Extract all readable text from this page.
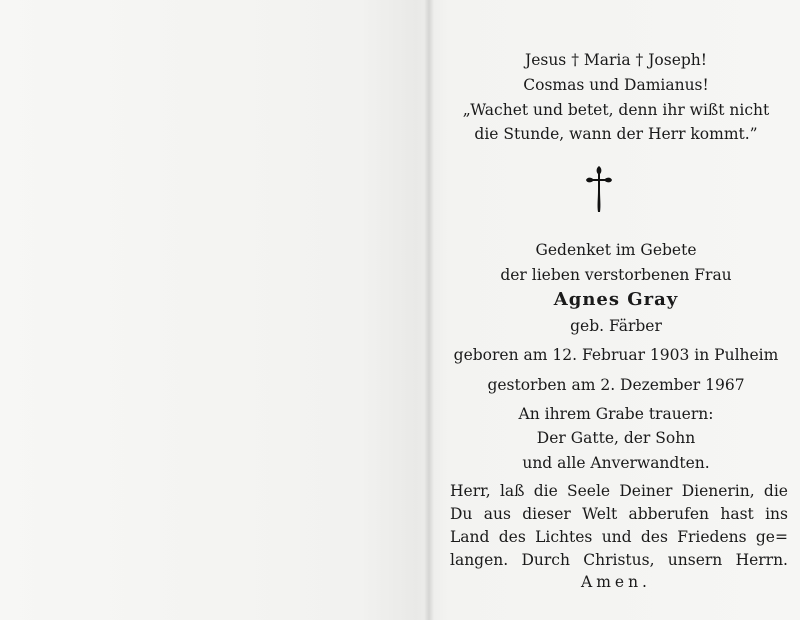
Jesus † Maria † Joseph!
Cosmas und Damianus!
„Wachet und betet, denn ihr wißt nicht
die Stunde, wann der Herr kommt.”
Gedenket im Gebete
der lieben verstorbenen Frau
Agnes Gray
geb. Färber
geboren am 12. Februar 1903 in Pulheim
gestorben am 2. Dezember 1967
An ihrem Grabe trauern:
Der Gatte, der Sohn
und alle Anverwandten.
Herr, laß die Seele Deiner Dienerin, die
Du aus dieser Welt abberufen hast ins
Land des Lichtes und des Friedens ge=
langen. Durch Christus, unsern Herrn.
Amen.
